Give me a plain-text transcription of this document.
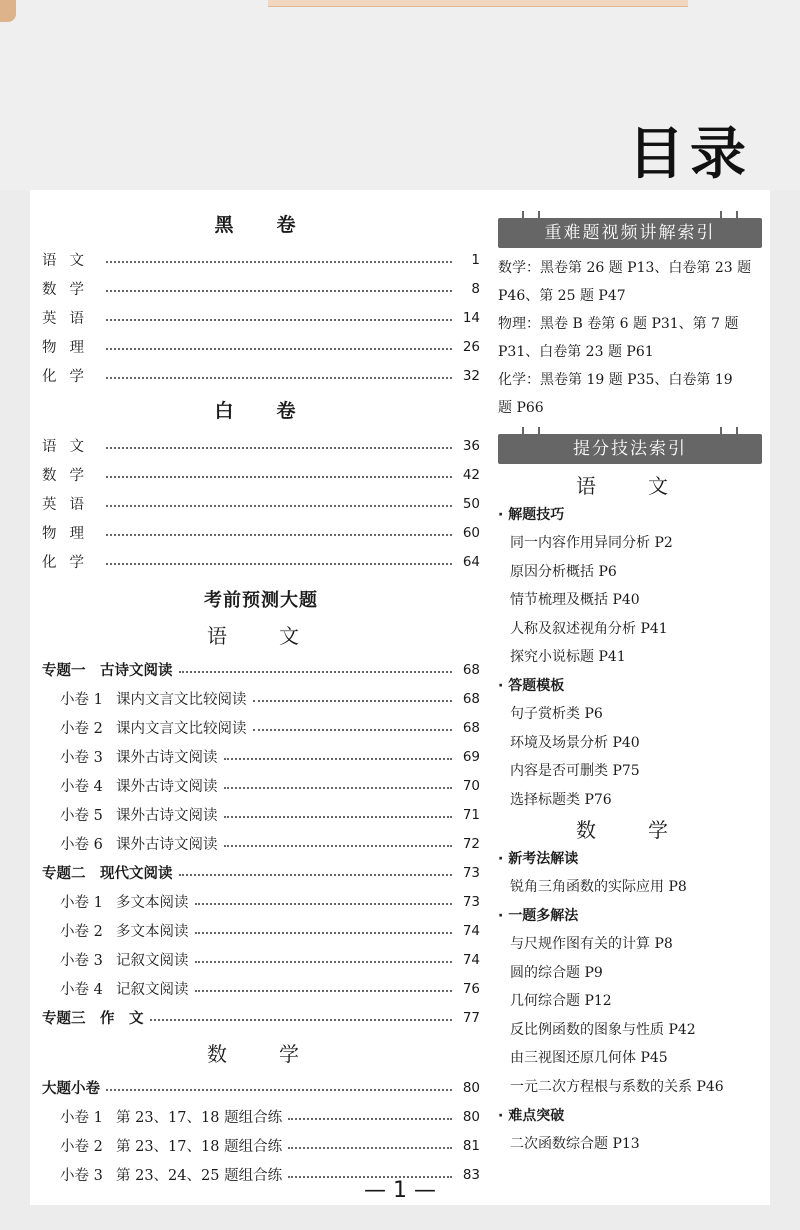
目录
黑　卷
语文	1
数学	8
英语	14
物理	26
化学	32
白　卷
语文	36
数学	42
英语	50
物理	60
化学	64
考前预测大题
语　文
专题一　古诗文阅读	68
小卷 1 课内文言文比较阅读	68
小卷 2 课内文言文比较阅读	68
小卷 3 课外古诗文阅读	69
小卷 4 课外古诗文阅读	70
小卷 5 课外古诗文阅读	71
小卷 6 课外古诗文阅读	72
专题二　现代文阅读	73
小卷 1 多文本阅读	73
小卷 2 多文本阅读	74
小卷 3 记叙文阅读	74
小卷 4 记叙文阅读	76
专题三　作　文	77
数　学
大题小卷	80
小卷 1 第 23、17、18 题组合练	80
小卷 2 第 23、17、18 题组合练	81
小卷 3 第 23、24、25 题组合练	83
重难题视频讲解索引
数学：黑卷第 26 题 P13、白卷第 23 题
P46、第 25 题 P47
物理：黑卷 B 卷第 6 题 P31、第 7 题
P31、白卷第 23 题 P61
化学：黑卷第 19 题 P35、白卷第 19
题 P66
提分技法索引
语　文
· 解题技巧
同一内容作用异同分析 P2
原因分析概括 P6
情节梳理及概括 P40
人称及叙述视角分析 P41
探究小说标题 P41
· 答题模板
句子赏析类 P6
环境及场景分析 P40
内容是否可删类 P75
选择标题类 P76
数　学
· 新考法解读
锐角三角函数的实际应用 P8
· 一题多解法
与尺规作图有关的计算 P8
圆的综合题 P9
几何综合题 P12
反比例函数的图象与性质 P42
由三视图还原几何体 P45
一元二次方程根与系数的关系 P46
· 难点突破
二次函数综合题 P13
— 1 —
